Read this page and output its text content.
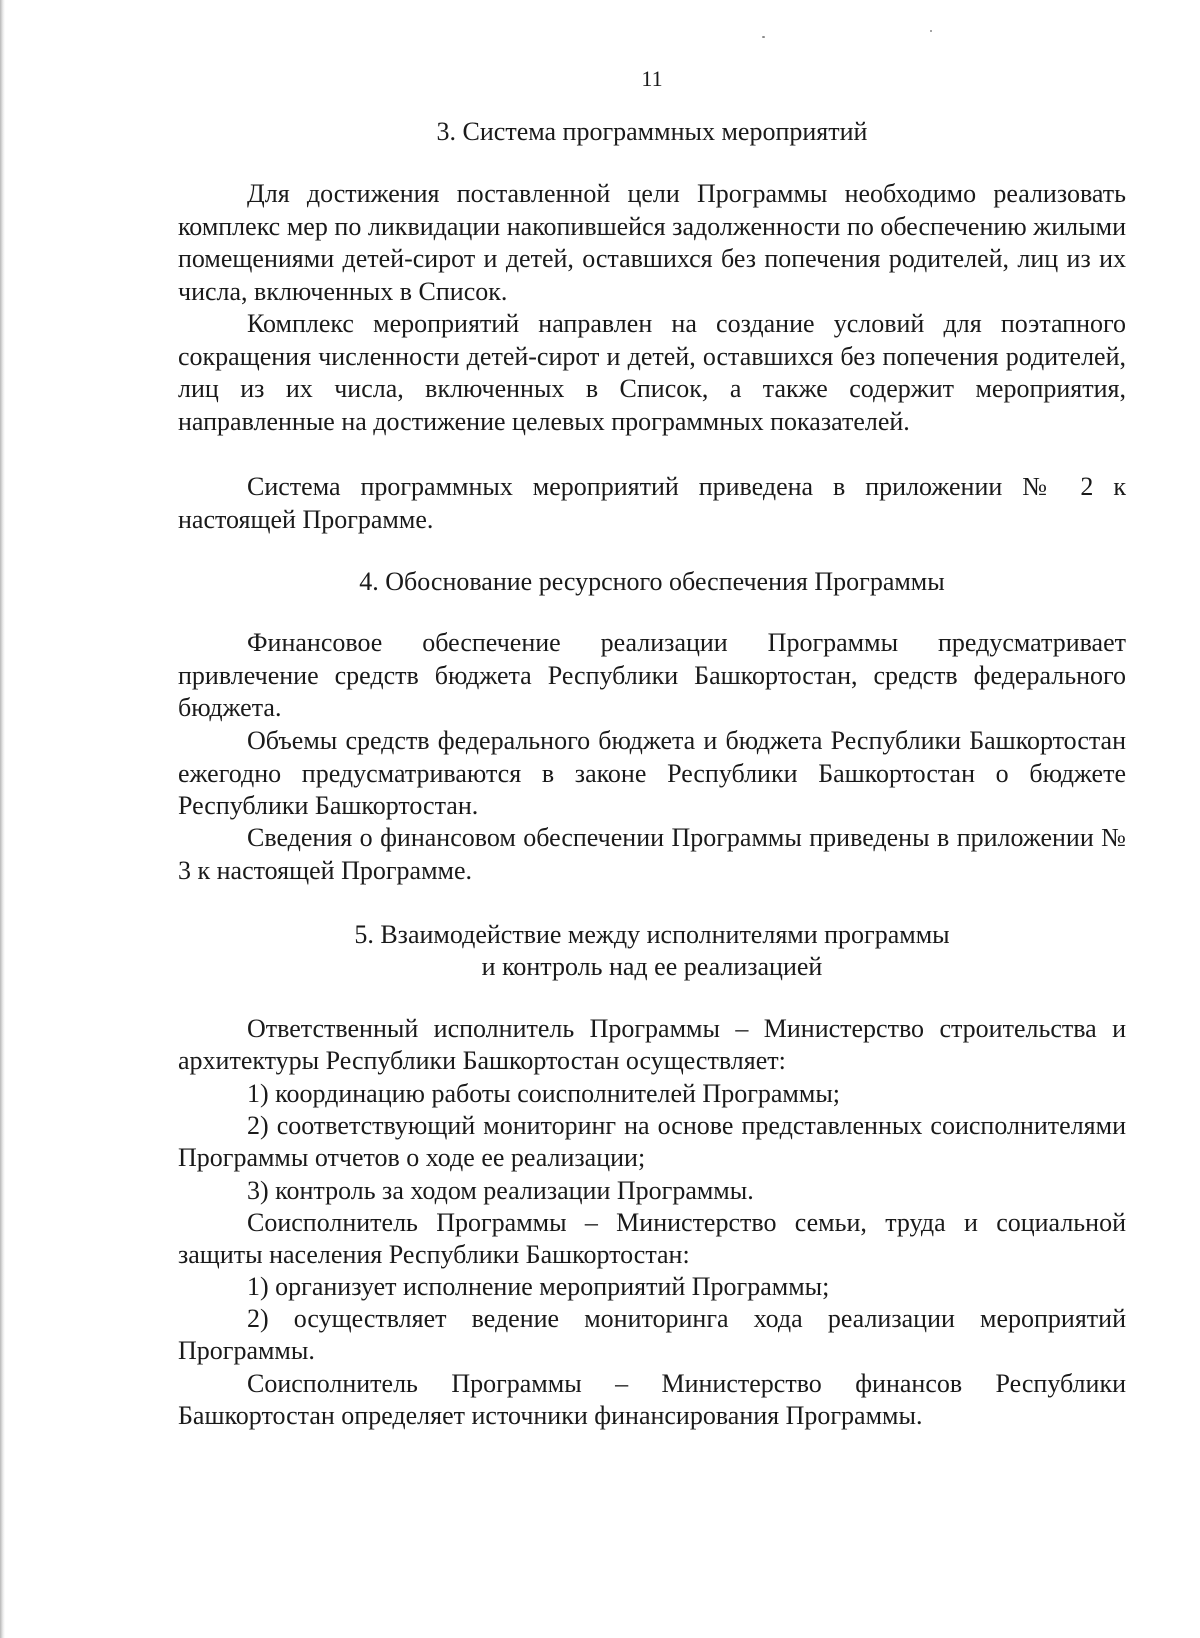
11
3. Система программных мероприятий

Для достижения поставленной цели Программы необходимо реализовать комплекс мер по ликвидации накопившейся задолженности по обеспечению жилыми помещениями детей-сирот и детей, оставшихся без попечения родителей, лиц из их числа, включенных в Список.

Комплекс мероприятий направлен на создание условий для поэтапного сокращения численности детей-сирот и детей, оставшихся без попечения родителей, лиц из их числа, включенных в Список, а также содержит мероприятия, направленные на достижение целевых программных показателей.

Система программных мероприятий приведена в приложении № 2 к настоящей Программе.

4. Обоснование ресурсного обеспечения Программы

Финансовое обеспечение реализации Программы предусматривает привлечение средств бюджета Республики Башкортостан, средств федерального бюджета.

Объемы средств федерального бюджета и бюджета Республики Башкортостан ежегодно предусматриваются в законе Республики Башкортостан о бюджете Республики Башкортостан.

Сведения о финансовом обеспечении Программы приведены в приложении № 3 к настоящей Программе.

5. Взаимодействие между исполнителями программы
и контроль над ее реализацией

Ответственный исполнитель Программы – Министерство строительства и архитектуры Республики Башкортостан осуществляет:

1) координацию работы соисполнителей Программы;

2) соответствующий мониторинг на основе представленных соисполнителями Программы отчетов о ходе ее реализации;

3) контроль за ходом реализации Программы.

Соисполнитель Программы – Министерство семьи, труда и социальной защиты населения Республики Башкортостан:

1) организует исполнение мероприятий Программы;

2) осуществляет ведение мониторинга хода реализации мероприятий Программы.

Соисполнитель Программы – Министерство финансов Республики Башкортостан определяет источники финансирования Программы.
